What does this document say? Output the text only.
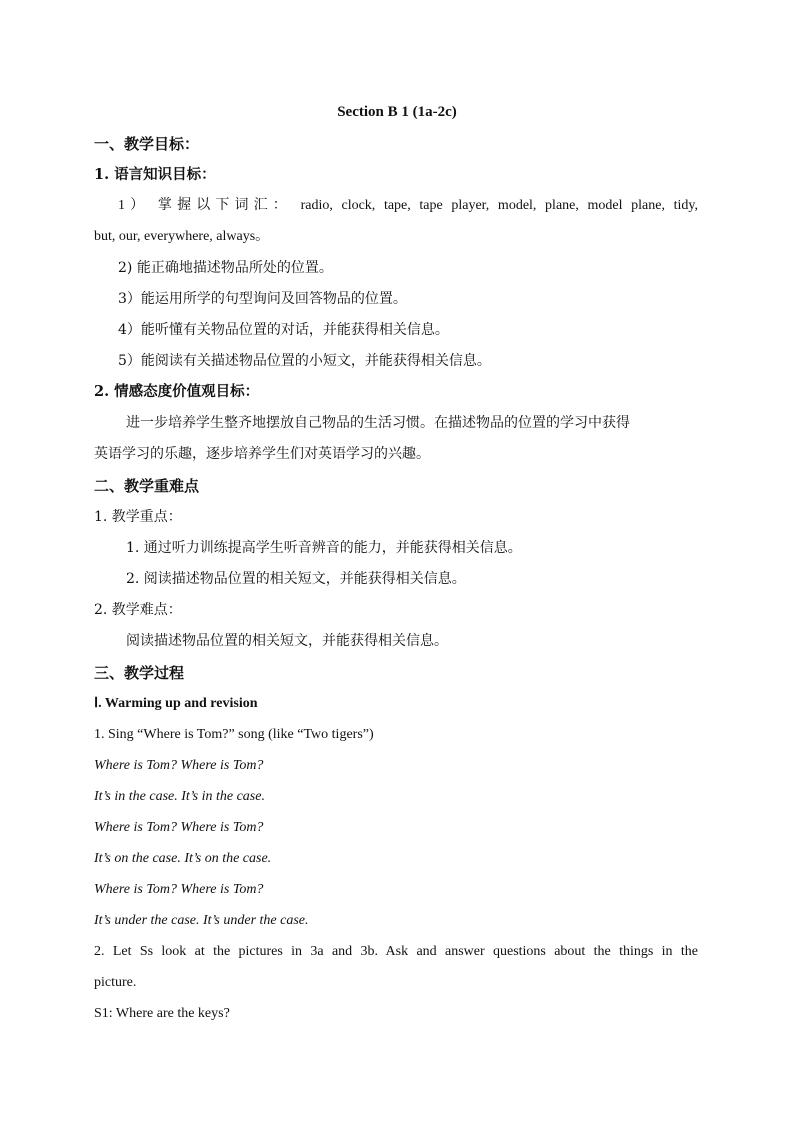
Section B 1 (1a-2c)
一、教学目标：
1. 语言知识目标：
1） 掌握以下词汇： radio, clock, tape, tape player, model, plane, model plane, tidy,
but, our, everywhere, always。
2) 能正确地描述物品所处的位置。
3）能运用所学的句型询问及回答物品的位置。
4）能听懂有关物品位置的对话，并能获得相关信息。
5）能阅读有关描述物品位置的小短文，并能获得相关信息。
2. 情感态度价值观目标：
进一步培养学生整齐地摆放自己物品的生活习惯。在描述物品的位置的学习中获得
英语学习的乐趣，逐步培养学生们对英语学习的兴趣。
二、教学重难点
1. 教学重点：
1. 通过听力训练提高学生听音辨音的能力，并能获得相关信息。
2. 阅读描述物品位置的相关短文，并能获得相关信息。
2. 教学难点：
阅读描述物品位置的相关短文，并能获得相关信息。
三、教学过程
Ⅰ. Warming up and revision
1. Sing “Where is Tom?” song (like “Two tigers”)
Where is Tom? Where is Tom?
It’s in the case. It’s in the case.
Where is Tom? Where is Tom?
It’s on the case. It’s on the case.
Where is Tom? Where is Tom?
It’s under the case. It’s under the case.
2. Let Ss look at the pictures in 3a and 3b. Ask and answer questions about the things in the
picture.
S1: Where are the keys?
